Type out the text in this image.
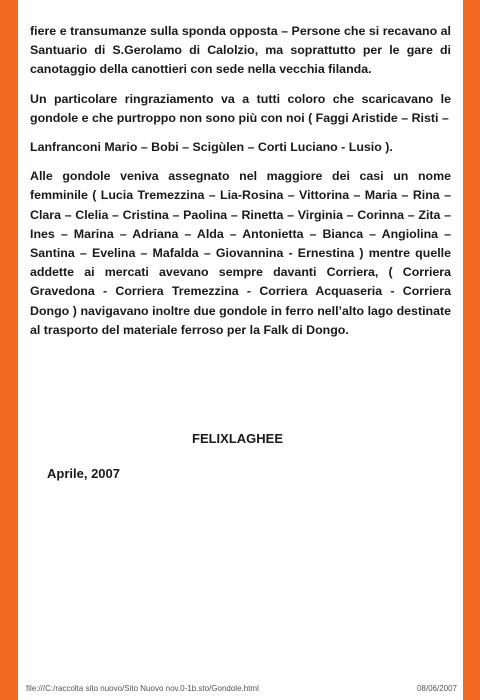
fiere e transumanze sulla sponda opposta – Persone che si recavano al Santuario di S.Gerolamo di Calolzio, ma soprattutto per le gare di canotaggio della canottieri con sede nella vecchia filanda.

Un particolare ringraziamento va a tutti coloro che scaricavano le gondole e che purtroppo non sono più con noi ( Faggi Aristide – Risti –

Lanfranconi Mario – Bobi – Scigùlen – Corti Luciano - Lusio ).

Alle gondole veniva assegnato nel maggiore dei casi un nome femminile ( Lucia Tremezzina – Lia-Rosina – Vittorina – Maria – Rina – Clara – Clelia – Cristina – Paolina – Rinetta – Virginia – Corinna – Zita – Ines – Marina – Adriana – Alda – Antonietta – Bianca – Angiolina – Santina – Evelina – Mafalda – Giovannina - Ernestina ) mentre quelle addette ai mercati avevano sempre davanti Corriera, ( Corriera Gravedona - Corriera Tremezzina - Corriera Acquaseria - Corriera Dongo ) navigavano inoltre due gondole in ferro nell’alto lago destinate al trasporto del materiale ferroso per la Falk di Dongo.

FELIXLAGHEE
Aprile, 2007
file:///C:/raccolta sito nuovo/Sito Nuovo nov.0-1b.sto/Gondole.html	08/06/2007
